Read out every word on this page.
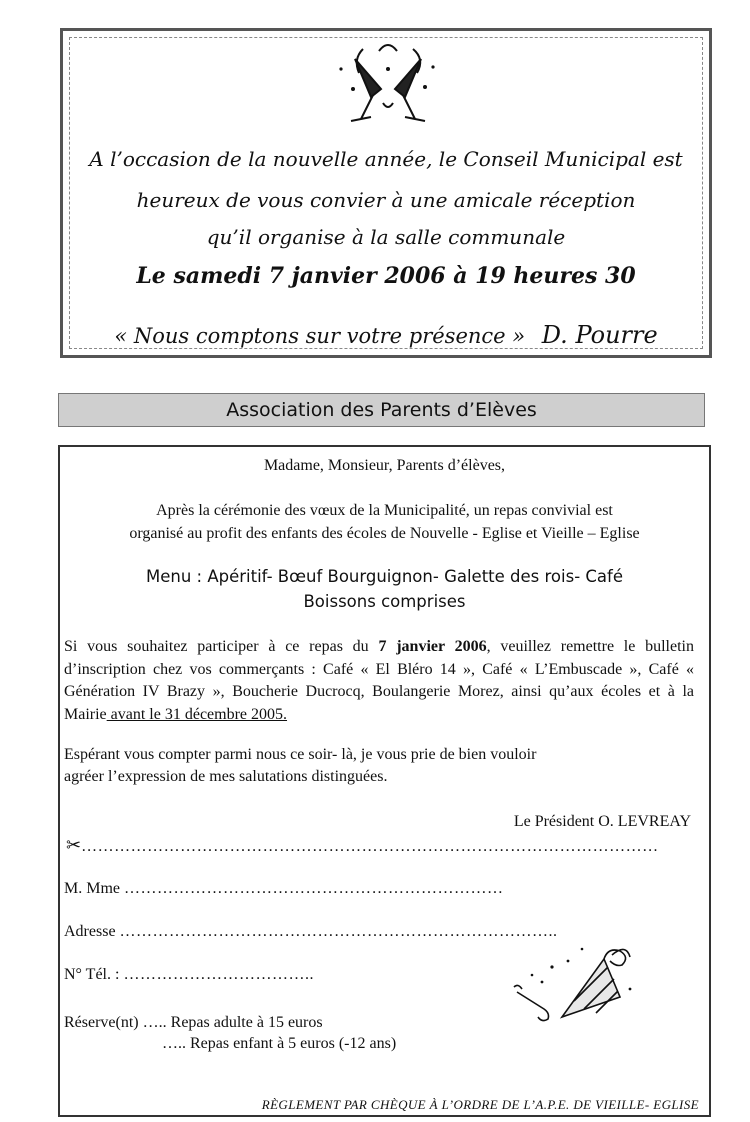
A l’occasion de la nouvelle année, le Conseil Municipal est
heureux de vous convier à une amicale réception
qu’il organise à la salle communale
Le samedi 7 janvier 2006 à 19 heures 30
« Nous comptons sur votre présence » D. Pourre
Association des Parents d’Elèves
Madame, Monsieur, Parents d’élèves,
Après la cérémonie des vœux de la Municipalité, un repas convivial est
organisé au profit des enfants des écoles de Nouvelle - Eglise et Vieille – Eglise
Menu : Apéritif- Bœuf Bourguignon- Galette des rois- Café
Boissons comprises
Si vous souhaitez participer à ce repas du 7 janvier 2006, veuillez remettre le bulletin d’inscription chez vos commerçants : Café « El Bléro 14 », Café « L’Embuscade », Café « Génération IV Brazy », Boucherie Ducrocq, Boulangerie Morez, ainsi qu’aux écoles et à la Mairie avant le 31 décembre 2005.
Espérant vous compter parmi nous ce soir- là, je vous prie de bien vouloir
agréer l’expression de mes salutations distinguées.
Le Président O. LEVREAY
✂……………………………………………………………………………………………
M. Mme ……………………………………………………………
Adresse ……………………………………………………………………..
N° Tél. : ……………………………..
Réserve(nt) ….. Repas adulte à 15 euros
….. Repas enfant à 5 euros (-12 ans)
RÈGLEMENT PAR CHÈQUE À L’ORDRE DE L’A.P.E. DE VIEILLE- EGLISE
